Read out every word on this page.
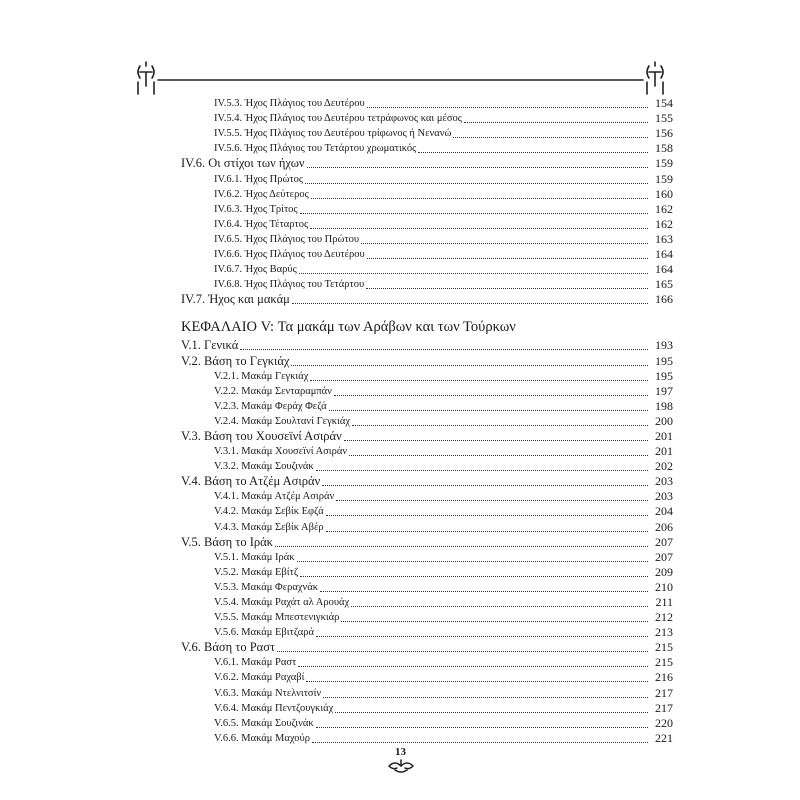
IV.5.3. Ήχος Πλάγιος του Δευτέρου	154
IV.5.4. Ήχος Πλάγιος του Δευτέρου τετράφωνος και μέσος	155
IV.5.5. Ήχος Πλάγιος του Δευτέρου τρίφωνος ή Νενανώ	156
IV.5.6. Ήχος Πλάγιος του Τετάρτου χρωματικός	158
IV.6. Οι στίχοι των ήχων	159
IV.6.1. Ήχος Πρώτος	159
IV.6.2. Ήχος Δεύτερος	160
IV.6.3. Ήχος Τρίτος	162
IV.6.4. Ήχος Τέταρτος	162
IV.6.5. Ήχος Πλάγιος του Πρώτου	163
IV.6.6. Ήχος Πλάγιος του Δευτέρου	164
IV.6.7. Ήχος Βαρύς	164
IV.6.8. Ήχος Πλάγιος του Τετάρτου	165
IV.7. Ήχος και μακάμ	166
ΚΕΦΑΛΑΙΟ V: Τα μακάμ των Αράβων και των Τούρκων
V.1. Γενικά	193
V.2. Βάση το Γεγκιάχ	195
V.2.1. Μακάμ Γεγκιάχ	195
V.2.2. Μακάμ Σενταραμπάν	197
V.2.3. Μακάμ Φεράχ Φεζά	198
V.2.4. Μακάμ Σουλτανί Γεγκιάχ	200
V.3. Βάση του Χουσεϊνί Ασιράν	201
V.3.1. Μακάμ Χουσεϊνί Ασιράν	201
V.3.2. Μακάμ Σουζινάκ	202
V.4. Βάση το Ατζέμ Ασιράν	203
V.4.1. Μακάμ Ατζέμ Ασιράν	203
V.4.2. Μακάμ Σεβίκ Εφζά	204
V.4.3. Μακάμ Σεβίκ Αβέρ	206
V.5. Βάση το Ιράκ	207
V.5.1. Μακάμ Ιράκ	207
V.5.2. Μακάμ Εβίτζ	209
V.5.3. Μακάμ Φεραχνάκ	210
V.5.4. Μακάμ Ραχάτ αλ Αρουάχ	211
V.5.5. Μακάμ Μπεστενιγκιάρ	212
V.5.6. Μακάμ Εβιτζαρά	213
V.6. Βάση το Ραστ	215
V.6.1. Μακάμ Ραστ	215
V.6.2. Μακάμ Ραχαβί	216
V.6.3. Μακάμ Ντελνιτσίν	217
V.6.4. Μακάμ Πεντζουγκιάχ	217
V.6.5. Μακάμ Σουζινάκ	220
V.6.6. Μακάμ Μαχούρ	221
13
